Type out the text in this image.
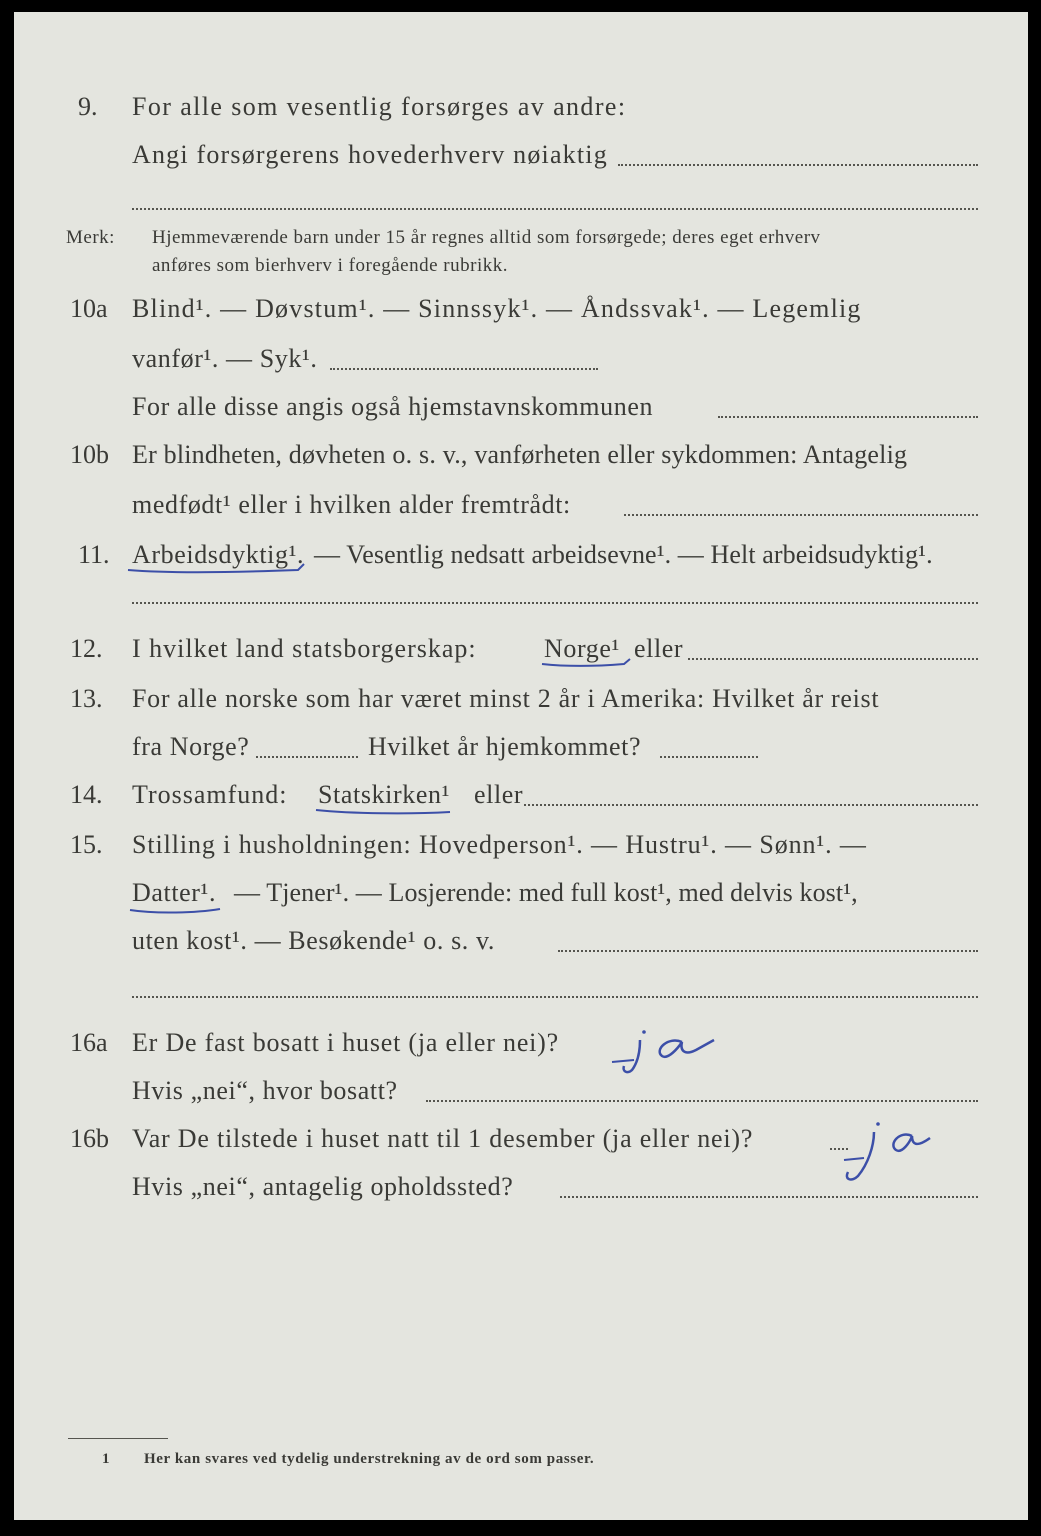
9. For alle som vesentlig forsørges av andre:
Angi forsørgerens hovederhverv nøiaktig
Merk: Hjemmeværende barn under 15 år regnes alltid som forsørgede; deres eget erhverv
anføres som bierhverv i foregående rubrikk.
10a Blind¹. — Døvstum¹. — Sinnssyk¹. — Åndssvak¹. — Legemlig
vanfør¹. — Syk¹.
For alle disse angis også hjemstavnskommunen
10b Er blindheten, døvheten o. s. v., vanførheten eller sykdommen: Antagelig
medfødt¹ eller i hvilken alder fremtrådt:
11. Arbeidsdyktig¹. — Vesentlig nedsatt arbeidsevne¹. — Helt arbeidsudyktig¹.
12. I hvilket land statsborgerskap:	Norge¹ eller
13. For alle norske som har været minst 2 år i Amerika: Hvilket år reist
fra Norge?	Hvilket år hjemkommet?
14. Trossamfund: Statskirken¹ eller
15. Stilling i husholdningen: Hovedperson¹. — Hustru¹. — Sønn¹. —
Datter¹. — Tjener¹. — Losjerende: med full kost¹, med delvis kost¹,
uten kost¹. — Besøkende¹ o. s. v.
16a Er De fast bosatt i huset (ja eller nei)?
Hvis „nei“, hvor bosatt?
16b Var De tilstede i huset natt til 1 desember (ja eller nei)?
Hvis „nei“, antagelig opholdssted?
1 Her kan svares ved tydelig understrekning av de ord som passer.
